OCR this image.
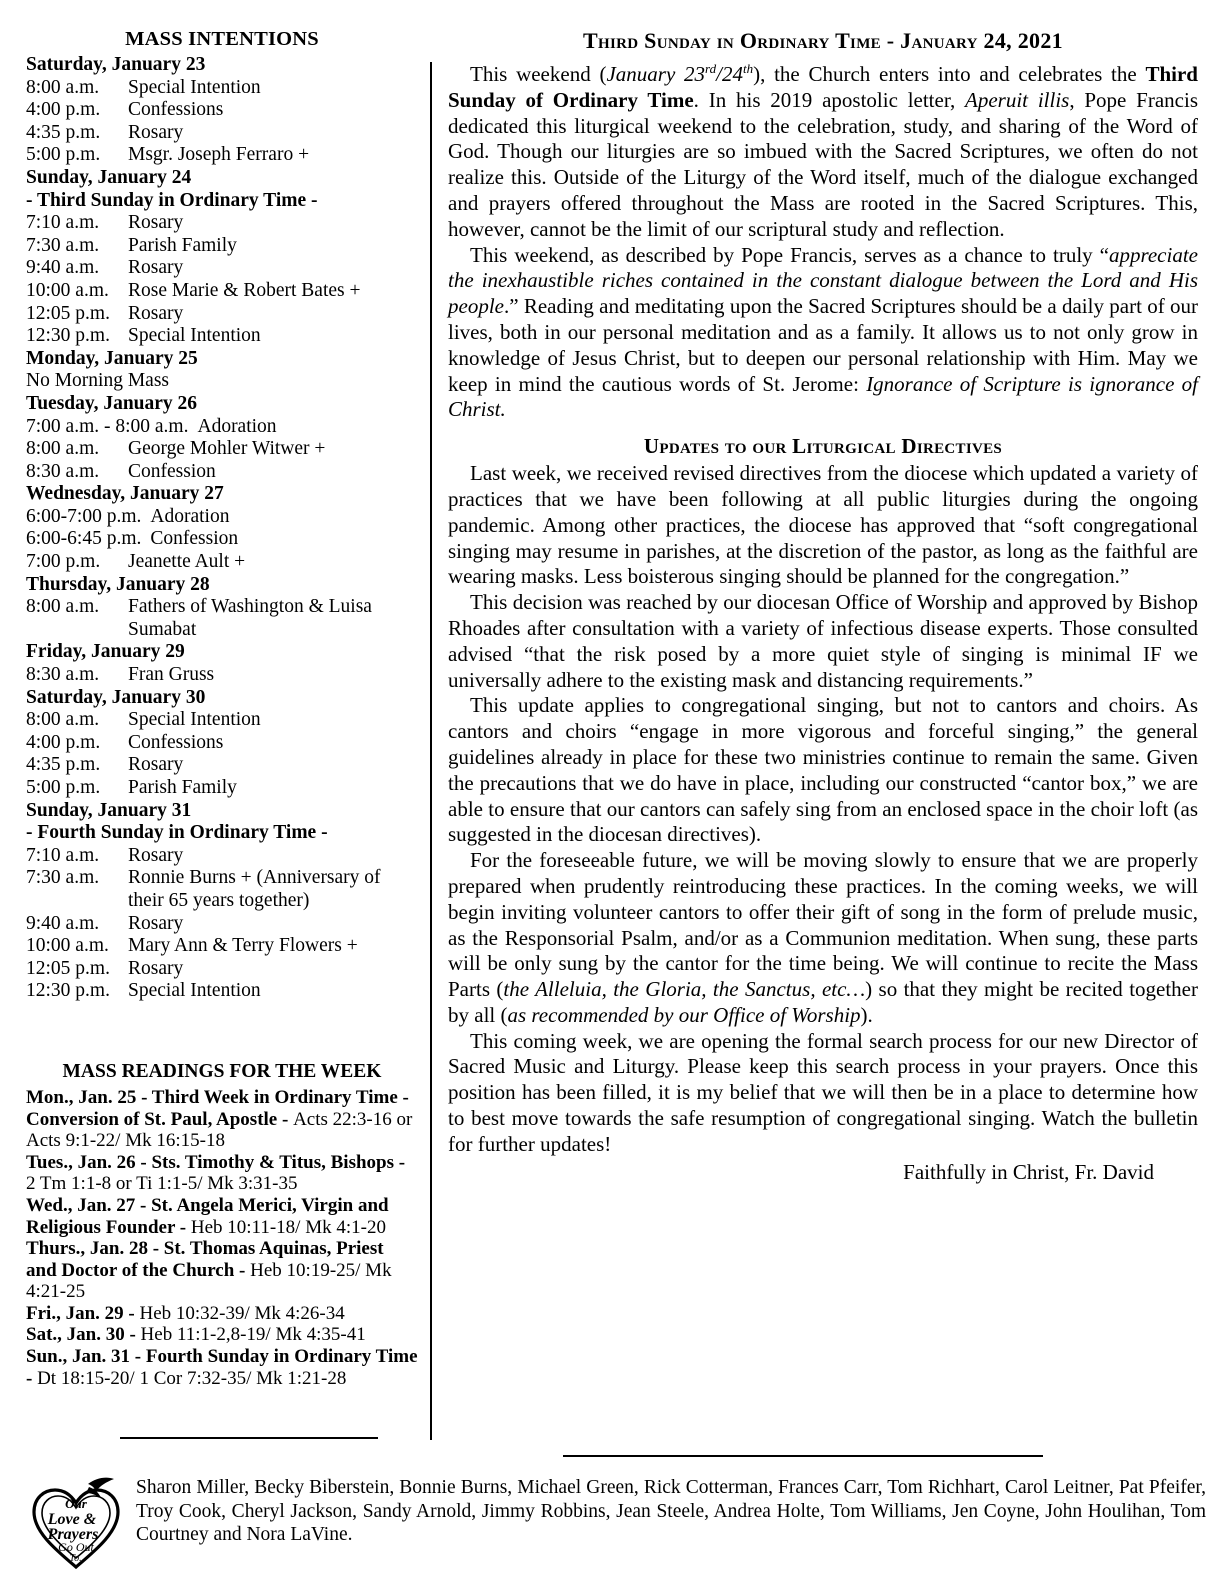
MASS INTENTIONS
Saturday, January 23
8:00 a.m.	Special Intention
4:00 p.m.	Confessions
4:35 p.m.	Rosary
5:00 p.m.	Msgr. Joseph Ferraro +
Sunday, January 24
- Third Sunday in Ordinary Time -
7:10 a.m.	Rosary
7:30 a.m.	Parish Family
9:40 a.m.	Rosary
10:00 a.m. Rose Marie & Robert Bates +
12:05 p.m. Rosary
12:30 p.m. Special Intention
Monday, January 25
No Morning Mass
Tuesday, January 26
7:00 a.m. - 8:00 a.m. Adoration
8:00 a.m.	George Mohler Witwer +
8:30 a.m.	Confession
Wednesday, January 27
6:00-7:00 p.m. Adoration
6:00-6:45 p.m. Confession
7:00 p.m.	Jeanette Ault +
Thursday, January 28
8:00 a.m.	Fathers of Washington & Luisa
Sumabat
Friday, January 29
8:30 a.m.	Fran Gruss
Saturday, January 30
8:00 a.m.	Special Intention
4:00 p.m.	Confessions
4:35 p.m.	Rosary
5:00 p.m.	Parish Family
Sunday, January 31
- Fourth Sunday in Ordinary Time -
7:10 a.m.	Rosary
7:30 a.m.	Ronnie Burns + (Anniversary of
their 65 years together)
9:40 a.m.	Rosary
10:00 a.m. Mary Ann & Terry Flowers +
12:05 p.m. Rosary
12:30 p.m. Special Intention
MASS READINGS FOR THE WEEK

Mon., Jan. 25 - Third Week in Ordinary Time - Conversion of St. Paul, Apostle - Acts 22:3-16 or Acts 9:1-22/ Mk 16:15-18

Tues., Jan. 26 - Sts. Timothy & Titus, Bishops - 2 Tm 1:1-8 or Ti 1:1-5/ Mk 3:31-35

Wed., Jan. 27 - St. Angela Merici, Virgin and Religious Founder - Heb 10:11-18/ Mk 4:1-20

Thurs., Jan. 28 - St. Thomas Aquinas, Priest and Doctor of the Church - Heb 10:19-25/ Mk 4:21-25

Fri., Jan. 29 - Heb 10:32-39/ Mk 4:26-34

Sat., Jan. 30 - Heb 11:1-2,8-19/ Mk 4:35-41

Sun., Jan. 31 - Fourth Sunday in Ordinary Time - Dt 18:15-20/ 1 Cor 7:32-35/ Mk 1:21-28

Third Sunday in Ordinary Time - January 24, 2021

This weekend (January 23rd/24th), the Church enters into and celebrates the Third Sunday of Ordinary Time. In his 2019 apostolic letter, Aperuit illis, Pope Francis dedicated this liturgical weekend to the celebration, study, and sharing of the Word of God. Though our liturgies are so imbued with the Sacred Scriptures, we often do not realize this. Outside of the Liturgy of the Word itself, much of the dialogue exchanged and prayers offered throughout the Mass are rooted in the Sacred Scriptures. This, however, cannot be the limit of our scriptural study and reflection.

This weekend, as described by Pope Francis, serves as a chance to truly “appreciate the inexhaustible riches contained in the constant dialogue between the Lord and His people.” Reading and meditating upon the Sacred Scriptures should be a daily part of our lives, both in our personal meditation and as a family. It allows us to not only grow in knowledge of Jesus Christ, but to deepen our personal relationship with Him. May we keep in mind the cautious words of St. Jerome: Ignorance of Scripture is ignorance of Christ.

Updates to our Liturgical Directives

Last week, we received revised directives from the diocese which updated a variety of practices that we have been following at all public liturgies during the ongoing pandemic. Among other practices, the diocese has approved that “soft congregational singing may resume in parishes, at the discretion of the pastor, as long as the faithful are wearing masks. Less boisterous singing should be planned for the congregation.”

This decision was reached by our diocesan Office of Worship and approved by Bishop Rhoades after consultation with a variety of infectious disease experts. Those consulted advised “that the risk posed by a more quiet style of singing is minimal IF we universally adhere to the existing mask and distancing requirements.”

This update applies to congregational singing, but not to cantors and choirs. As cantors and choirs “engage in more vigorous and forceful singing,” the general guidelines already in place for these two ministries continue to remain the same. Given the precautions that we do have in place, including our constructed “cantor box,” we are able to ensure that our cantors can safely sing from an enclosed space in the choir loft (as suggested in the diocesan directives).

For the foreseeable future, we will be moving slowly to ensure that we are properly prepared when prudently reintroducing these practices. In the coming weeks, we will begin inviting volunteer cantors to offer their gift of song in the form of prelude music, as the Responsorial Psalm, and/or as a Communion meditation. When sung, these parts will be only sung by the cantor for the time being. We will continue to recite the Mass Parts (the Alleluia, the Gloria, the Sanctus, etc…) so that they might be recited together by all (as recommended by our Office of Worship).

This coming week, we are opening the formal search process for our new Director of Sacred Music and Liturgy. Please keep this search process in your prayers. Once this position has been filled, it is my belief that we will then be in a place to determine how to best move towards the safe resumption of congregational singing. Watch the bulletin for further updates!

Faithfully in Christ, Fr. David
Our
Love &
Prayers
Go Out
To...
Sharon Miller, Becky Biberstein, Bonnie Burns, Michael Green, Rick Cotterman, Frances Carr, Tom Richhart, Carol Leitner, Pat Pfeifer, Troy Cook, Cheryl Jackson, Sandy Arnold, Jimmy Robbins, Jean Steele, Andrea Holte, Tom Williams, Jen Coyne, John Houlihan, Tom Courtney and Nora LaVine.
